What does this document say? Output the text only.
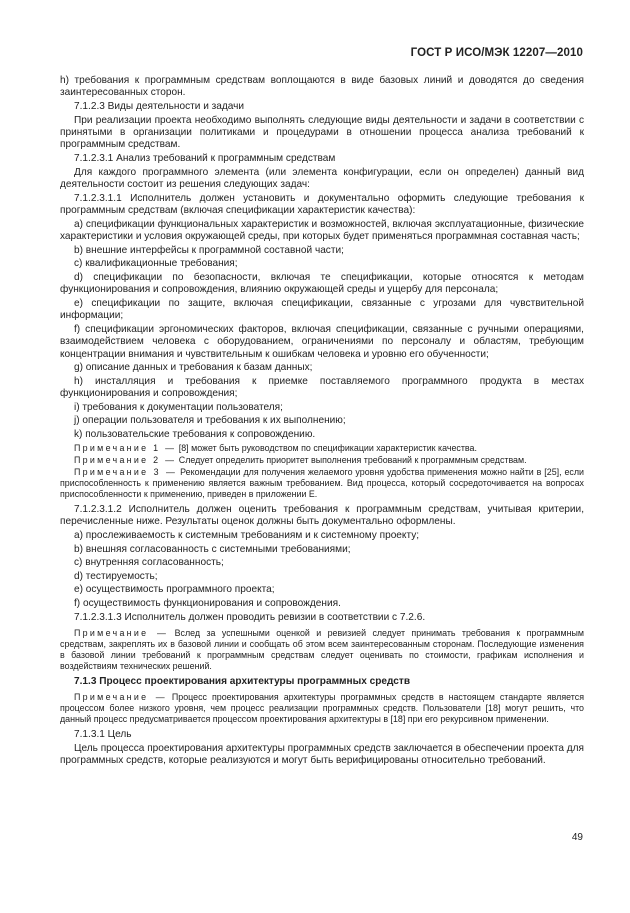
ГОСТ Р ИСО/МЭК 12207—2010

h) требования к программным средствам воплощаются в виде базовых линий и доводятся до сведения заинтересованных сторон.

7.1.2.3 Виды деятельности и задачи

При реализации проекта необходимо выполнять следующие виды деятельности и задачи в соответствии с принятыми в организации политиками и процедурами в отношении процесса анализа требований к программным средствам.

7.1.2.3.1 Анализ требований к программным средствам

Для каждого программного элемента (или элемента конфигурации, если он определен) данный вид деятельности состоит из решения следующих задач:

7.1.2.3.1.1 Исполнитель должен установить и документально оформить следующие требования к программным средствам (включая спецификации характеристик качества):

a) спецификации функциональных характеристик и возможностей, включая эксплуатационные, физические характеристики и условия окружающей среды, при которых будет применяться программная составная часть;

b) внешние интерфейсы к программной составной части;

c) квалификационные требования;

d) спецификации по безопасности, включая те спецификации, которые относятся к методам функционирования и сопровождения, влиянию окружающей среды и ущербу для персонала;

e) спецификации по защите, включая спецификации, связанные с угрозами для чувствительной информации;

f) спецификации эргономических факторов, включая спецификации, связанные с ручными операциями, взаимодействием человека с оборудованием, ограничениями по персоналу и областям, требующим концентрации внимания и чувствительным к ошибкам человека и уровню его обученности;

g) описание данных и требования к базам данных;

h) инсталляция и требования к приемке поставляемого программного продукта в местах функционирования и сопровождения;

i) требования к документации пользователя;

j) операции пользователя и требования к их выполнению;

k) пользовательские требования к сопровождению.

Примечание 1 — [8] может быть руководством по спецификации характеристик качества.

Примечание 2 — Следует определить приоритет выполнения требований к программным средствам.

Примечание 3 — Рекомендации для получения желаемого уровня удобства применения можно найти в [25], если приспособленность к применению является важным требованием. Вид процесса, который сосредоточивается на вопросах приспособленности к применению, приведен в приложении Е.

7.1.2.3.1.2 Исполнитель должен оценить требования к программным средствам, учитывая критерии, перечисленные ниже. Результаты оценок должны быть документально оформлены.

a) прослеживаемость к системным требованиям и к системному проекту;

b) внешняя согласованность с системными требованиями;

c) внутренняя согласованность;

d) тестируемость;

e) осуществимость программного проекта;

f) осуществимость функционирования и сопровождения.

7.1.2.3.1.3 Исполнитель должен проводить ревизии в соответствии с 7.2.6.

Примечание — Вслед за успешными оценкой и ревизией следует принимать требования к программным средствам, закреплять их в базовой линии и сообщать об этом всем заинтересованным сторонам. Последующие изменения в базовой линии требований к программным средствам следует оценивать по стоимости, графикам исполнения и воздействиям технических решений.

7.1.3 Процесс проектирования архитектуры программных средств

Примечание — Процесс проектирования архитектуры программных средств в настоящем стандарте является процессом более низкого уровня, чем процесс реализации программных средств. Пользователи [18] могут решить, что данный процесс предусматривается процессом проектирования архитектуры в [18] при его рекурсивном применении.

7.1.3.1 Цель

Цель процесса проектирования архитектуры программных средств заключается в обеспечении проекта для программных средств, которые реализуются и могут быть верифицированы относительно требований.

49
